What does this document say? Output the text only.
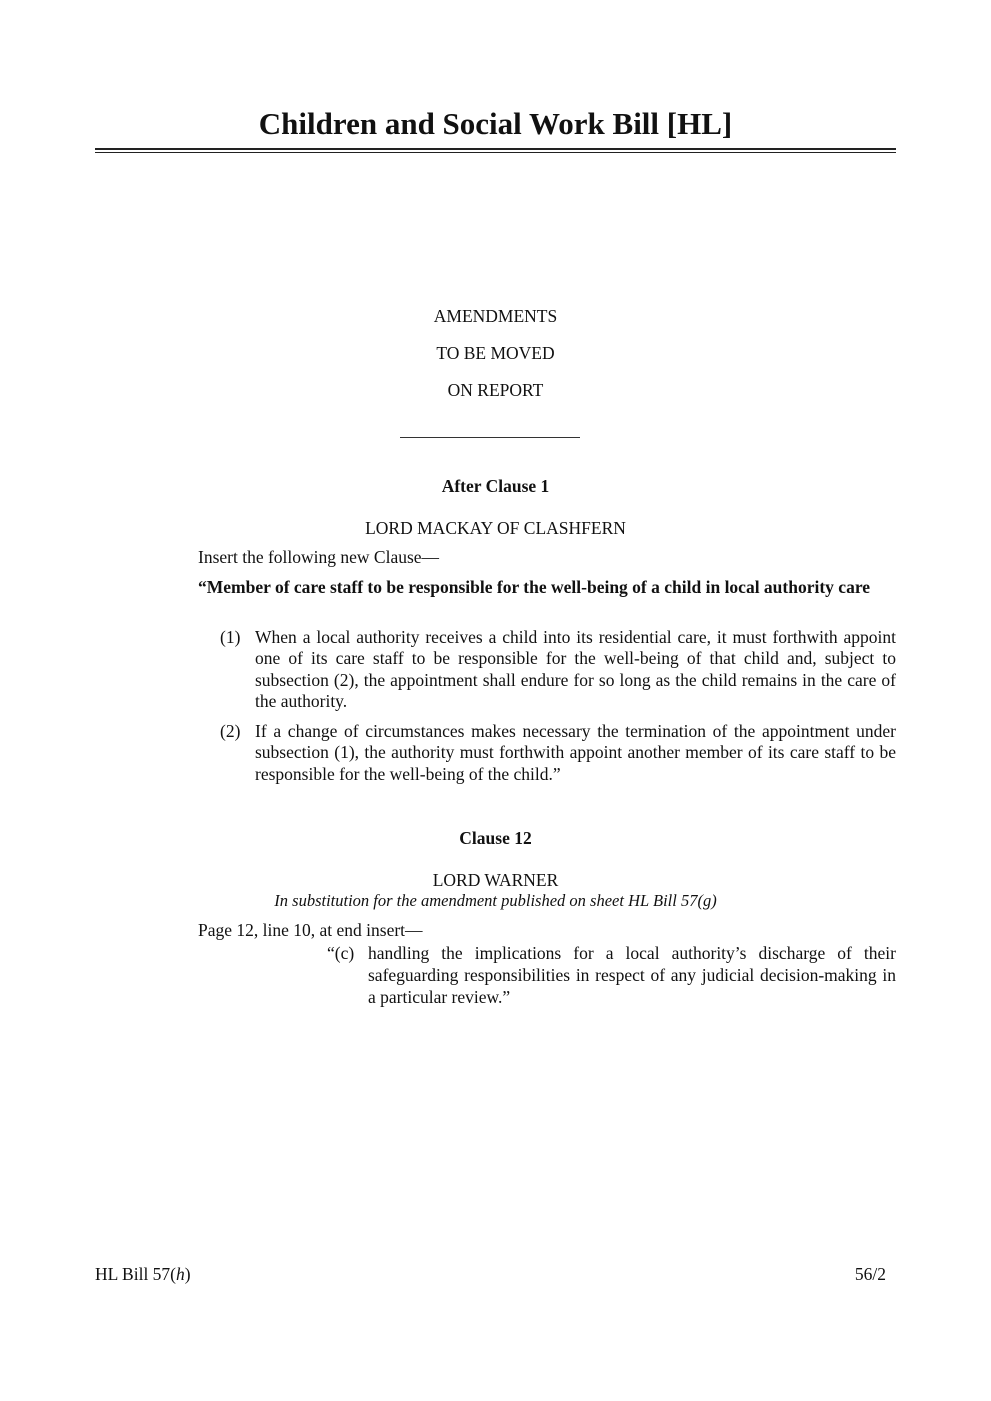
Children and Social Work Bill [HL]
AMENDMENTS
TO BE MOVED
ON REPORT
After Clause 1
LORD MACKAY OF CLASHFERN
Insert the following new Clause—
“Member of care staff to be responsible for the well-being of a child in local authority care
(1) When a local authority receives a child into its residential care, it must forthwith appoint one of its care staff to be responsible for the well-being of that child and, subject to subsection (2), the appointment shall endure for so long as the child remains in the care of the authority.
(2) If a change of circumstances makes necessary the termination of the appointment under subsection (1), the authority must forthwith appoint another member of its care staff to be responsible for the well-being of the child.”
Clause 12
LORD WARNER
In substitution for the amendment published on sheet HL Bill 57(g)
Page 12, line 10, at end insert—
“(c) handling the implications for a local authority’s discharge of their safeguarding responsibilities in respect of any judicial decision-making in a particular review.”
HL Bill 57(h)	56/2
